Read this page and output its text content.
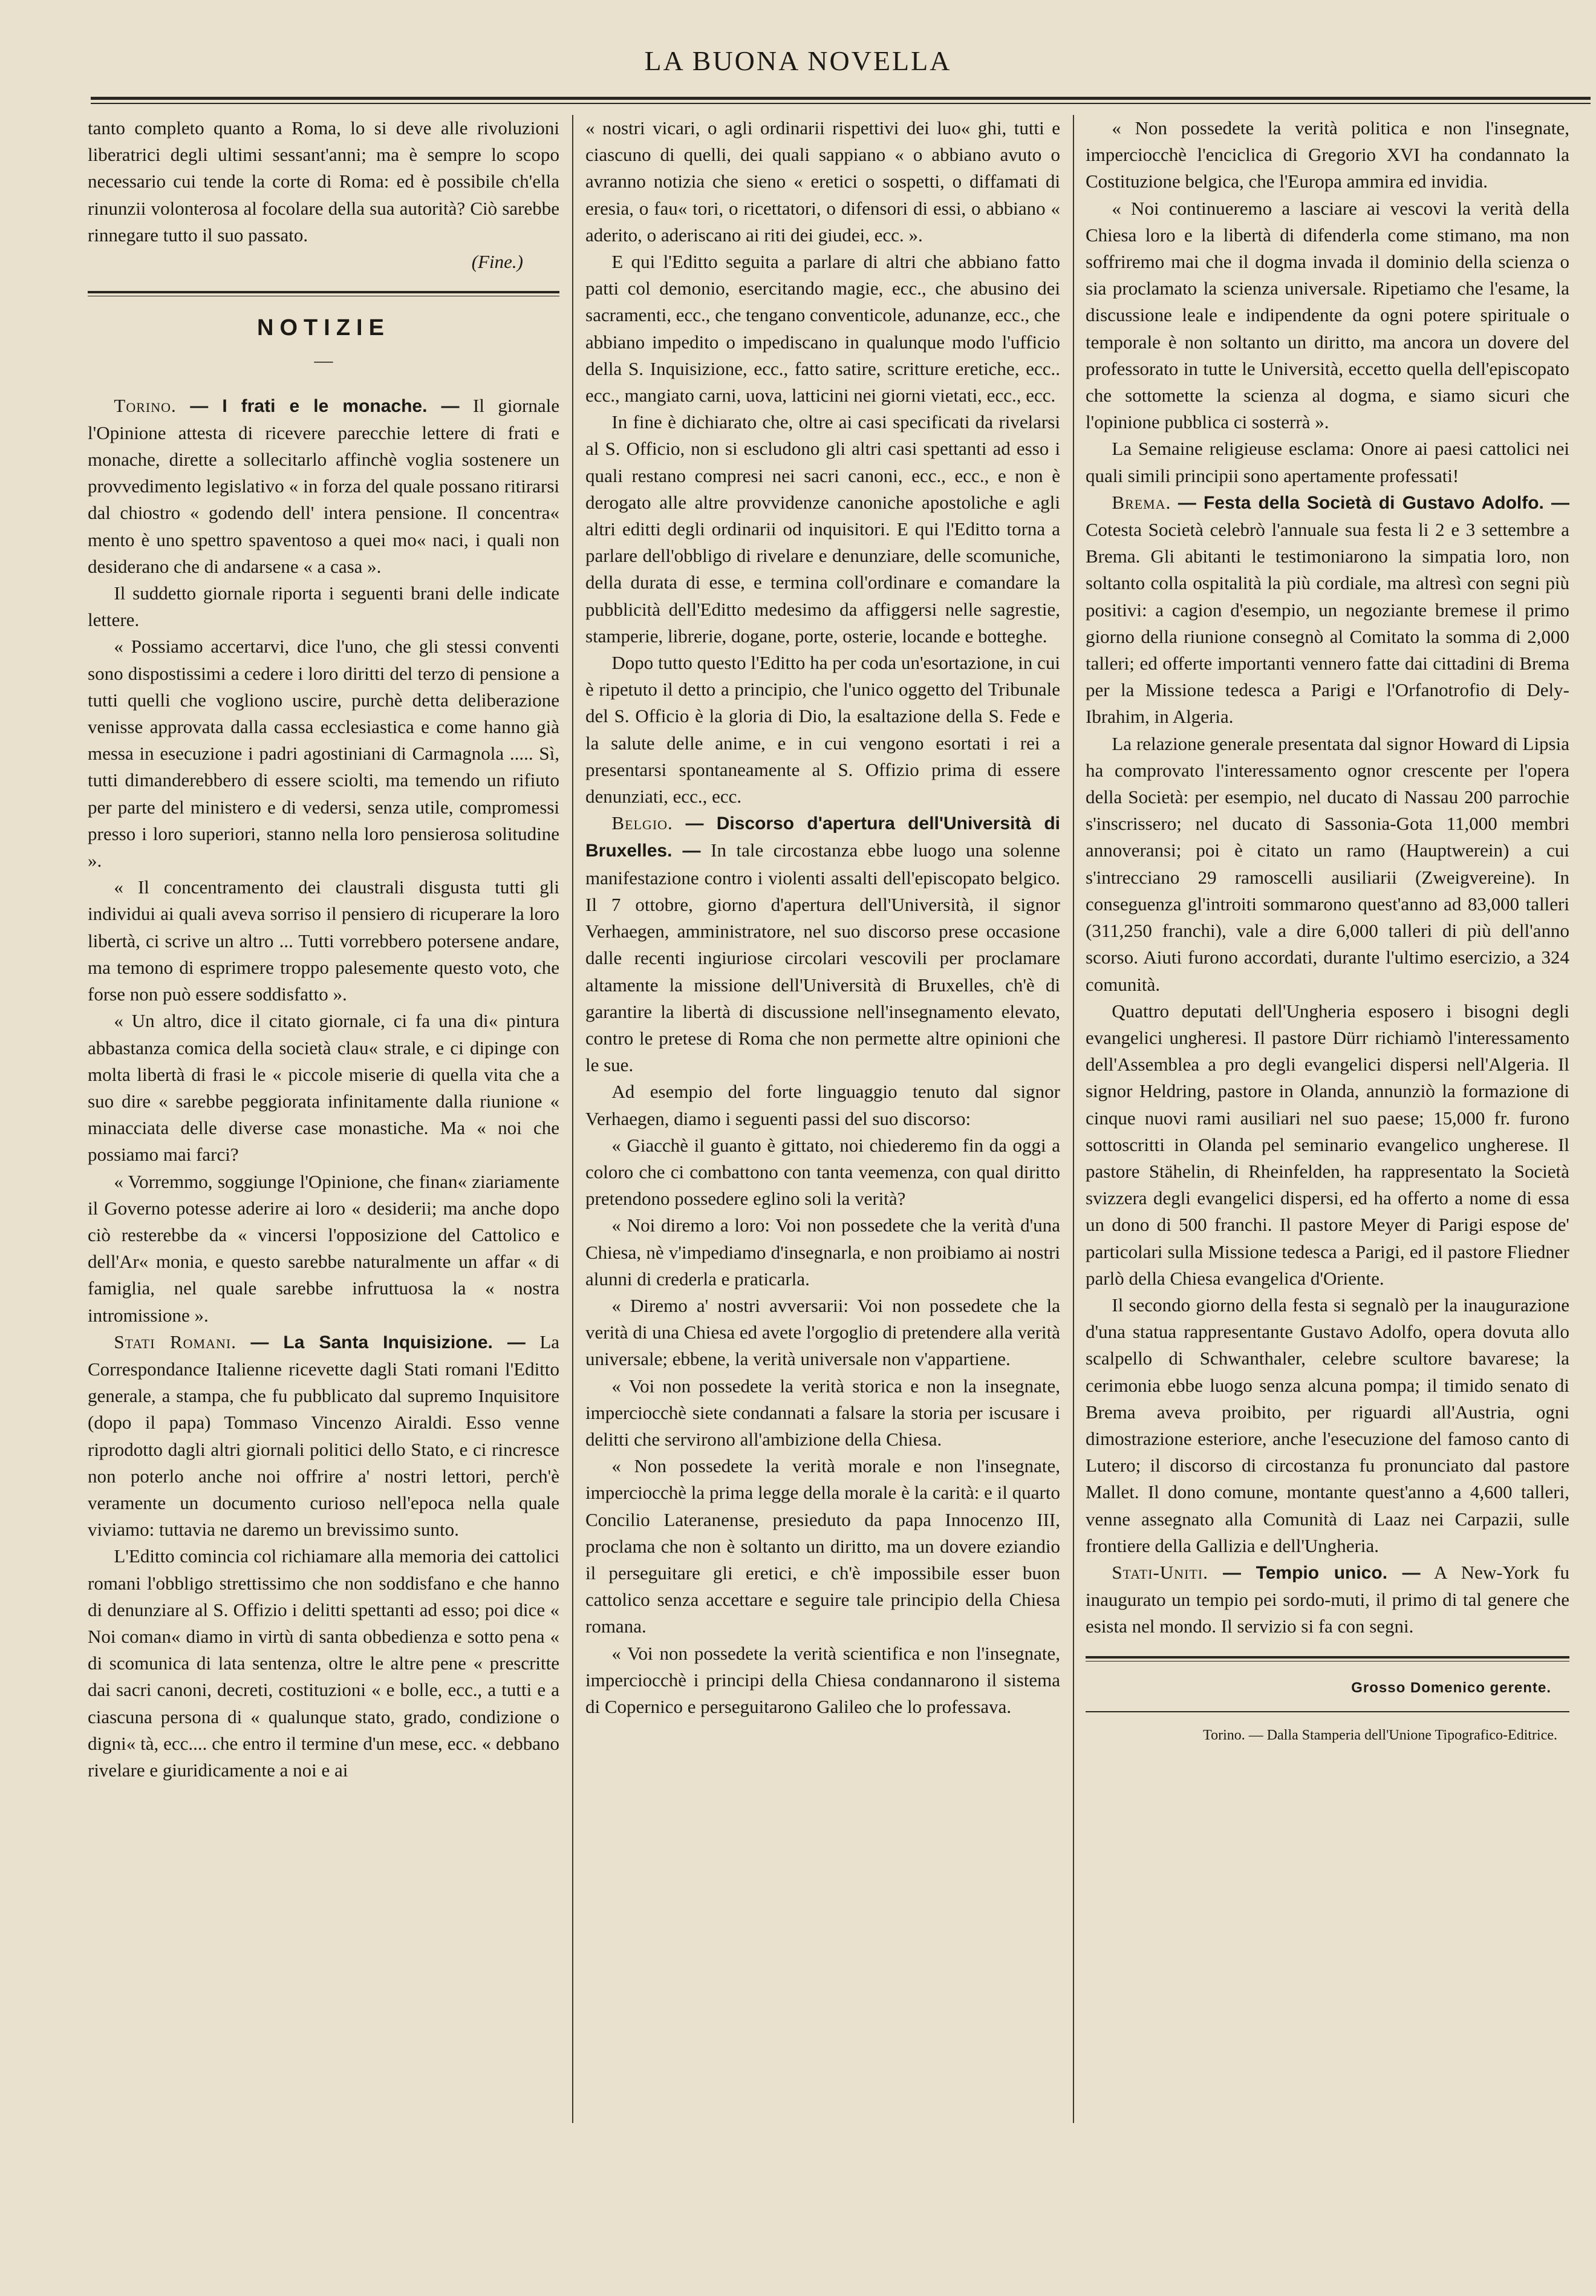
LA BUONA NOVELLA

tanto completo quanto a Roma, lo si deve alle rivoluzioni liberatrici degli ultimi sessant'anni; ma è sempre lo scopo necessario cui tende la corte di Roma: ed è possibile ch'ella rinunzii volonterosa al focolare della sua autorità? Ciò sarebbe rinnegare tutto il suo passato.

(Fine.)

NOTIZIE
—

Torino. — I frati e le monache. — Il giornale l'Opinione attesta di ricevere parecchie lettere di frati e monache, dirette a sollecitarlo affinchè voglia sostenere un provvedimento legislativo « in forza del quale possano ritirarsi dal chiostro « godendo dell' intera pensione. Il concentra« mento è uno spettro spaventoso a quei mo« naci, i quali non desiderano che di andarsene « a casa ».

Il suddetto giornale riporta i seguenti brani delle indicate lettere.

« Possiamo accertarvi, dice l'uno, che gli stessi conventi sono dispostissimi a cedere i loro diritti del terzo di pensione a tutti quelli che vogliono uscire, purchè detta deliberazione venisse approvata dalla cassa ecclesiastica e come hanno già messa in esecuzione i padri agostiniani di Carmagnola ..... Sì, tutti dimanderebbero di essere sciolti, ma temendo un rifiuto per parte del ministero e di vedersi, senza utile, compromessi presso i loro superiori, stanno nella loro pensierosa solitudine ».

« Il concentramento dei claustrali disgusta tutti gli individui ai quali aveva sorriso il pensiero di ricuperare la loro libertà, ci scrive un altro ... Tutti vorrebbero potersene andare, ma temono di esprimere troppo palesemente questo voto, che forse non può essere soddisfatto ».

« Un altro, dice il citato giornale, ci fa una di« pintura abbastanza comica della società clau« strale, e ci dipinge con molta libertà di frasi le « piccole miserie di quella vita che a suo dire « sarebbe peggiorata infinitamente dalla riunione « minacciata delle diverse case monastiche. Ma « noi che possiamo mai farci?

« Vorremmo, soggiunge l'Opinione, che finan« ziariamente il Governo potesse aderire ai loro « desiderii; ma anche dopo ciò resterebbe da « vincersi l'opposizione del Cattolico e dell'Ar« monia, e questo sarebbe naturalmente un affar « di famiglia, nel quale sarebbe infruttuosa la « nostra intromissione ».

Stati Romani. — La Santa Inquisizione. — La Correspondance Italienne ricevette dagli Stati romani l'Editto generale, a stampa, che fu pubblicato dal supremo Inquisitore (dopo il papa) Tommaso Vincenzo Airaldi. Esso venne riprodotto dagli altri giornali politici dello Stato, e ci rincresce non poterlo anche noi offrire a' nostri lettori, perch'è veramente un documento curioso nell'epoca nella quale viviamo: tuttavia ne daremo un brevissimo sunto.

L'Editto comincia col richiamare alla memoria dei cattolici romani l'obbligo strettissimo che non soddisfano e che hanno di denunziare al S. Offizio i delitti spettanti ad esso; poi dice « Noi coman« diamo in virtù di santa obbedienza e sotto pena « di scomunica di lata sentenza, oltre le altre pene « prescritte dai sacri canoni, decreti, costituzioni « e bolle, ecc., a tutti e a ciascuna persona di « qualunque stato, grado, condizione o digni« tà, ecc.... che entro il termine d'un mese, ecc. « debbano rivelare e giuridicamente a noi e ai

« nostri vicari, o agli ordinarii rispettivi dei luo« ghi, tutti e ciascuno di quelli, dei quali sappiano « o abbiano avuto o avranno notizia che sieno « eretici o sospetti, o diffamati di eresia, o fau« tori, o ricettatori, o difensori di essi, o abbiano « aderito, o aderiscano ai riti dei giudei, ecc. ».

E qui l'Editto seguita a parlare di altri che abbiano fatto patti col demonio, esercitando magie, ecc., che abusino dei sacramenti, ecc., che tengano conventicole, adunanze, ecc., che abbiano impedito o impediscano in qualunque modo l'ufficio della S. Inquisizione, ecc., fatto satire, scritture eretiche, ecc.. ecc., mangiato carni, uova, latticini nei giorni vietati, ecc., ecc.

In fine è dichiarato che, oltre ai casi specificati da rivelarsi al S. Officio, non si escludono gli altri casi spettanti ad esso i quali restano compresi nei sacri canoni, ecc., ecc., e non è derogato alle altre provvidenze canoniche apostoliche e agli altri editti degli ordinarii od inquisitori. E qui l'Editto torna a parlare dell'obbligo di rivelare e denunziare, delle scomuniche, della durata di esse, e termina coll'ordinare e comandare la pubblicità dell'Editto medesimo da affiggersi nelle sagrestie, stamperie, librerie, dogane, porte, osterie, locande e botteghe.

Dopo tutto questo l'Editto ha per coda un'esortazione, in cui è ripetuto il detto a principio, che l'unico oggetto del Tribunale del S. Officio è la gloria di Dio, la esaltazione della S. Fede e la salute delle anime, e in cui vengono esortati i rei a presentarsi spontaneamente al S. Offizio prima di essere denunziati, ecc., ecc.

Belgio. — Discorso d'apertura dell'Università di Bruxelles. — In tale circostanza ebbe luogo una solenne manifestazione contro i violenti assalti dell'episcopato belgico. Il 7 ottobre, giorno d'apertura dell'Università, il signor Verhaegen, amministratore, nel suo discorso prese occasione dalle recenti ingiuriose circolari vescovili per proclamare altamente la missione dell'Università di Bruxelles, ch'è di garantire la libertà di discussione nell'insegnamento elevato, contro le pretese di Roma che non permette altre opinioni che le sue.

Ad esempio del forte linguaggio tenuto dal signor Verhaegen, diamo i seguenti passi del suo discorso:

« Giacchè il guanto è gittato, noi chiederemo fin da oggi a coloro che ci combattono con tanta veemenza, con qual diritto pretendono possedere eglino soli la verità?

« Noi diremo a loro: Voi non possedete che la verità d'una Chiesa, nè v'impediamo d'insegnarla, e non proibiamo ai nostri alunni di crederla e praticarla.

« Diremo a' nostri avversarii: Voi non possedete che la verità di una Chiesa ed avete l'orgoglio di pretendere alla verità universale; ebbene, la verità universale non v'appartiene.

« Voi non possedete la verità storica e non la insegnate, imperciocchè siete condannati a falsare la storia per iscusare i delitti che servirono all'ambizione della Chiesa.

« Non possedete la verità morale e non l'insegnate, imperciocchè la prima legge della morale è la carità: e il quarto Concilio Lateranense, presieduto da papa Innocenzo III, proclama che non è soltanto un diritto, ma un dovere eziandio il perseguitare gli eretici, e ch'è impossibile esser buon cattolico senza accettare e seguire tale principio della Chiesa romana.

« Voi non possedete la verità scientifica e non l'insegnate, imperciocchè i principi della Chiesa condannarono il sistema di Copernico e perseguitarono Galileo che lo professava.

« Non possedete la verità politica e non l'insegnate, imperciocchè l'enciclica di Gregorio XVI ha condannato la Costituzione belgica, che l'Europa ammira ed invidia.

« Noi continueremo a lasciare ai vescovi la verità della Chiesa loro e la libertà di difenderla come stimano, ma non soffriremo mai che il dogma invada il dominio della scienza o sia proclamato la scienza universale. Ripetiamo che l'esame, la discussione leale e indipendente da ogni potere spirituale o temporale è non soltanto un diritto, ma ancora un dovere del professorato in tutte le Università, eccetto quella dell'episcopato che sottomette la scienza al dogma, e siamo sicuri che l'opinione pubblica ci sosterrà ».

La Semaine religieuse esclama: Onore ai paesi cattolici nei quali simili principii sono apertamente professati!

Brema. — Festa della Società di Gustavo Adolfo. — Cotesta Società celebrò l'annuale sua festa li 2 e 3 settembre a Brema. Gli abitanti le testimoniarono la simpatia loro, non soltanto colla ospitalità la più cordiale, ma altresì con segni più positivi: a cagion d'esempio, un negoziante bremese il primo giorno della riunione consegnò al Comitato la somma di 2,000 talleri; ed offerte importanti vennero fatte dai cittadini di Brema per la Missione tedesca a Parigi e l'Orfanotrofio di Dely-Ibrahim, in Algeria.

La relazione generale presentata dal signor Howard di Lipsia ha comprovato l'interessamento ognor crescente per l'opera della Società: per esempio, nel ducato di Nassau 200 parrochie s'inscrissero; nel ducato di Sassonia-Gota 11,000 membri annoveransi; poi è citato un ramo (Hauptwerein) a cui s'intrecciano 29 ramoscelli ausiliarii (Zweigvereine). In conseguenza gl'introiti sommarono quest'anno ad 83,000 talleri (311,250 franchi), vale a dire 6,000 talleri di più dell'anno scorso. Aiuti furono accordati, durante l'ultimo esercizio, a 324 comunità.

Quattro deputati dell'Ungheria esposero i bisogni degli evangelici ungheresi. Il pastore Dürr richiamò l'interessamento dell'Assemblea a pro degli evangelici dispersi nell'Algeria. Il signor Heldring, pastore in Olanda, annunziò la formazione di cinque nuovi rami ausiliari nel suo paese; 15,000 fr. furono sottoscritti in Olanda pel seminario evangelico ungherese. Il pastore Stähelin, di Rheinfelden, ha rappresentato la Società svizzera degli evangelici dispersi, ed ha offerto a nome di essa un dono di 500 franchi. Il pastore Meyer di Parigi espose de' particolari sulla Missione tedesca a Parigi, ed il pastore Fliedner parlò della Chiesa evangelica d'Oriente.

Il secondo giorno della festa si segnalò per la inaugurazione d'una statua rappresentante Gustavo Adolfo, opera dovuta allo scalpello di Schwanthaler, celebre scultore bavarese; la cerimonia ebbe luogo senza alcuna pompa; il timido senato di Brema aveva proibito, per riguardi all'Austria, ogni dimostrazione esteriore, anche l'esecuzione del famoso canto di Lutero; il discorso di circostanza fu pronunciato dal pastore Mallet. Il dono comune, montante quest'anno a 4,600 talleri, venne assegnato alla Comunità di Laaz nei Carpazii, sulle frontiere della Gallizia e dell'Ungheria.

Stati-Uniti. — Tempio unico. — A New-York fu inaugurato un tempio pei sordo-muti, il primo di tal genere che esista nel mondo. Il servizio si fa con segni.

Grosso Domenico gerente.
Torino. — Dalla Stamperia dell'Unione Tipografico-Editrice.
